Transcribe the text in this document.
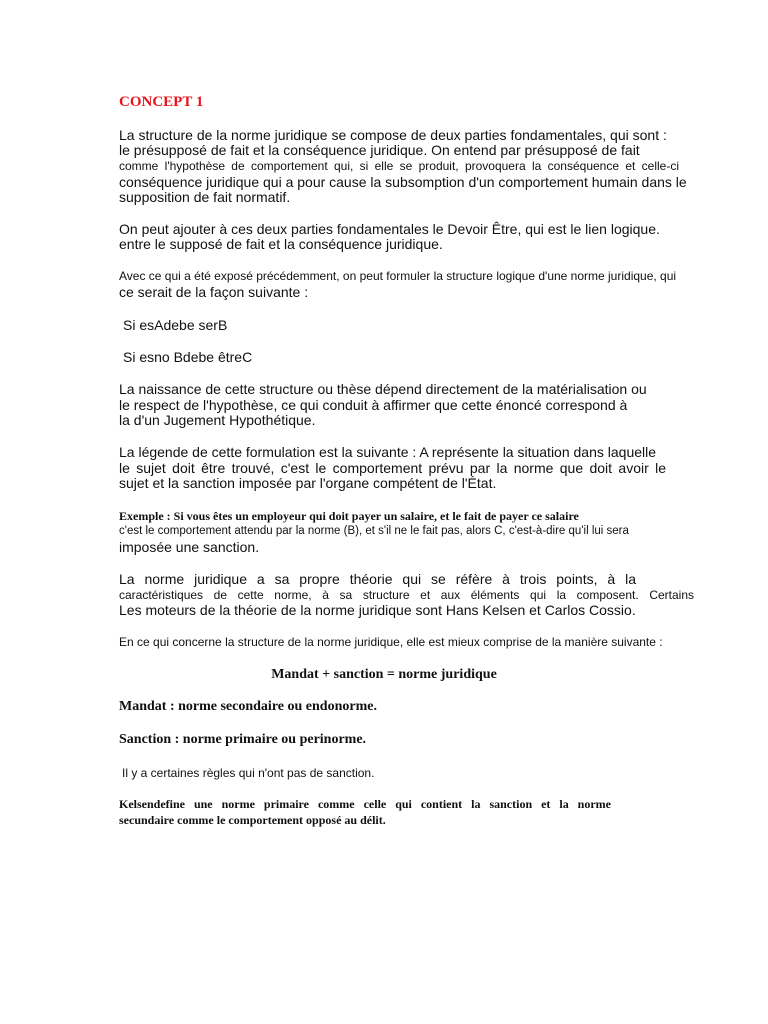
CONCEPT 1
La structure de la norme juridique se compose de deux parties fondamentales, qui sont :
le présupposé de fait et la conséquence juridique. On entend par présupposé de fait
comme l'hypothèse de comportement qui, si elle se produit, provoquera la conséquence et celle-ci
conséquence juridique qui a pour cause la subsomption d'un comportement humain dans le
supposition de fait normatif.
On peut ajouter à ces deux parties fondamentales le Devoir Être, qui est le lien logique.
entre le supposé de fait et la conséquence juridique.
Avec ce qui a été exposé précédemment, on peut formuler la structure logique d'une norme juridique, qui
ce serait de la façon suivante :
Si esAdebe serB
Si esno Bdebe êtreC
La naissance de cette structure ou thèse dépend directement de la matérialisation ou
le respect de l'hypothèse, ce qui conduit à affirmer que cette énoncé correspond à
la d'un Jugement Hypothétique.
La légende de cette formulation est la suivante : A représente la situation dans laquelle
le sujet doit être trouvé, c'est le comportement prévu par la norme que doit avoir le
sujet et la sanction imposée par l'organe compétent de l'État.
Exemple : Si vous êtes un employeur qui doit payer un salaire, et le fait de payer ce salaire
c'est le comportement attendu par la norme (B), et s'il ne le fait pas, alors C, c'est-à-dire qu'il lui sera
imposée une sanction.
La norme juridique a sa propre théorie qui se réfère à trois points, à la
caractéristiques de cette norme, à sa structure et aux éléments qui la composent. Certains
Les moteurs de la théorie de la norme juridique sont Hans Kelsen et Carlos Cossio.
En ce qui concerne la structure de la norme juridique, elle est mieux comprise de la manière suivante :
Mandat + sanction = norme juridique
Mandat : norme secondaire ou endonorme.
Sanction : norme primaire ou perinorme.
Il y a certaines règles qui n'ont pas de sanction.
Kelsendefine une norme primaire comme celle qui contient la sanction et la norme
secundaire comme le comportement opposé au délit.
